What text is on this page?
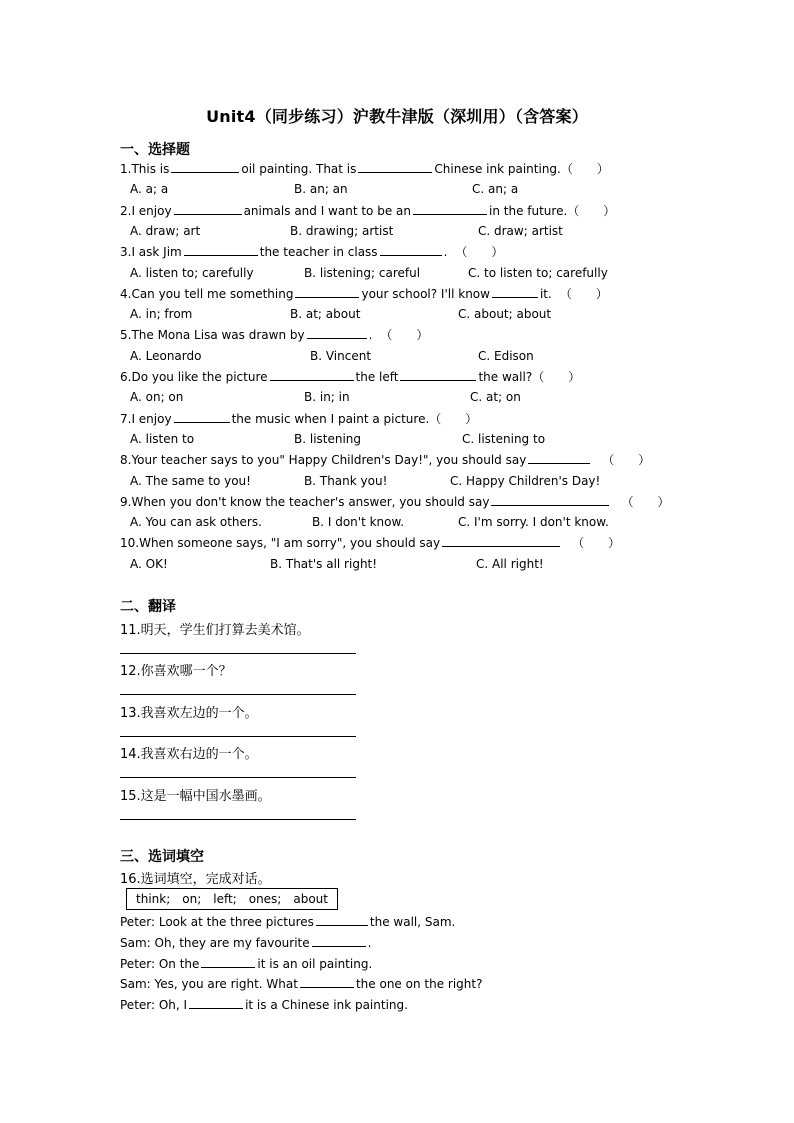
Unit4（同步练习）沪教牛津版（深圳用）（含答案）
一、选择题
1.This is	oil painting. That is	Chinese ink painting.（　　）
A. a; a	B. an; an	C. an; a
2.I enjoy	animals and I want to be an	in the future.（　　）
A. draw; art	B. drawing; artist	C. draw; artist
3.I ask Jim	the teacher in class	. （　　）
A. listen to; carefully	B. listening; careful	C. to listen to; carefully
4.Can you tell me something	your school? I'll know	it. （　　）
A. in; from	B. at; about	C. about; about
5.The Mona Lisa was drawn by	. （　　）
A. Leonardo	B. Vincent	C. Edison
6.Do you like the picture	the left	the wall?（　　）
A. on; on	B. in; in	C. at; on
7.I enjoy	the music when I paint a picture.（　　）
A. listen to	B. listening	C. listening to
8.Your teacher says to you" Happy Children's Day!", you should say	（　　）
A. The same to you!	B. Thank you!	C. Happy Children's Day!
9.When you don't know the teacher's answer, you should say	（　　）
A. You can ask others.	B. I don't know.	C. I'm sorry. I don't know.
10.When someone says, "I am sorry", you should say	（　　）
A. OK!	B. That's all right!	C. All right!
二、翻译
11.明天，学生们打算去美术馆。
12.你喜欢哪一个？
13.我喜欢左边的一个。
14.我喜欢右边的一个。
15.这是一幅中国水墨画。
三、选词填空
16.选词填空，完成对话。
think;　on;　left;　ones;　about
Peter: Look at the three pictures	the wall, Sam.
Sam: Oh, they are my favourite	.
Peter: On the	it is an oil painting.
Sam: Yes, you are right. What	the one on the right?
Peter: Oh, I	it is a Chinese ink painting.
